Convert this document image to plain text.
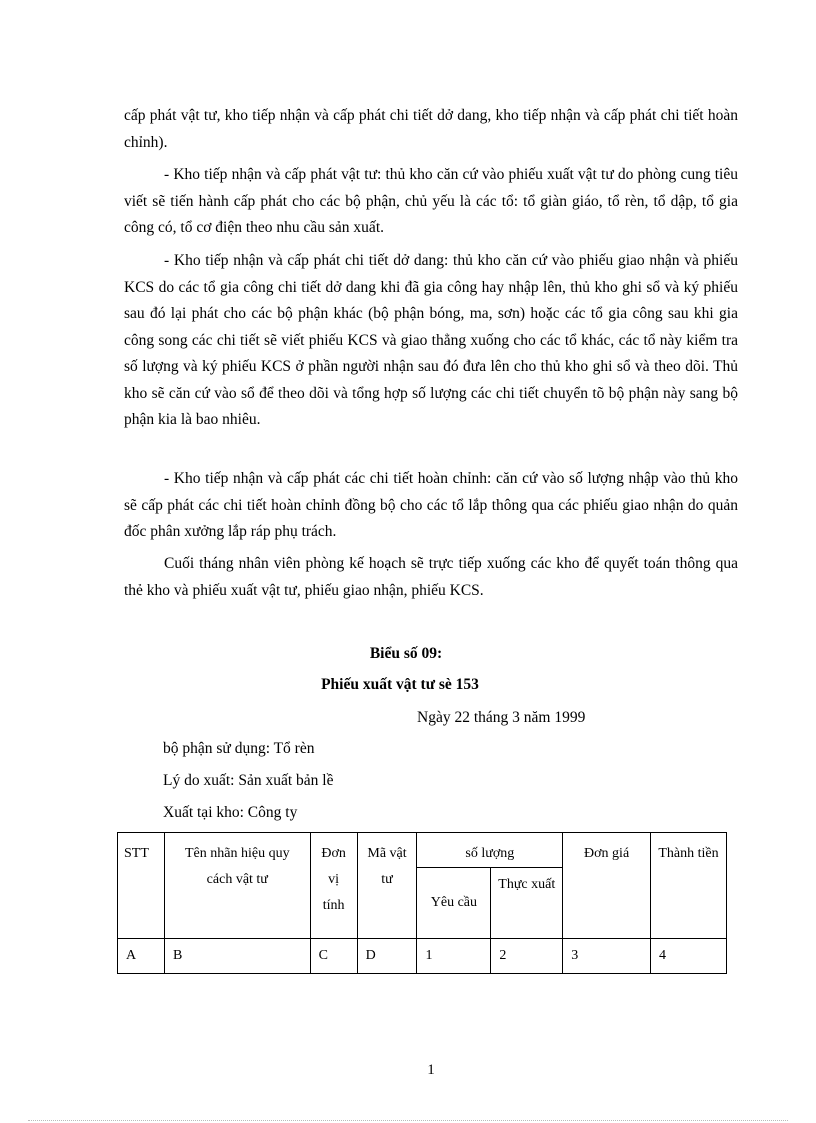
cấp phát vật tư, kho tiếp nhận và cấp phát chi tiết dở dang, kho tiếp nhận và cấp phát chi tiết hoàn chỉnh).

- Kho tiếp nhận và cấp phát vật tư: thủ kho căn cứ vào phiếu xuất vật tư do phòng cung tiêu viết sẽ tiến hành cấp phát cho các bộ phận, chủ yếu là các tổ: tổ giàn giáo, tổ rèn, tổ dập, tổ gia công có, tổ cơ điện theo nhu cầu sản xuất.

- Kho tiếp nhận và cấp phát chi tiết dở dang: thủ kho căn cứ vào phiếu giao nhận và phiếu KCS do các tổ gia công chi tiết dở dang khi đã gia công hay nhập lên, thủ kho ghi sổ và ký phiếu sau đó lại phát cho các bộ phận khác (bộ phận bóng, ma, sơn) hoặc các tổ gia công sau khi gia công song các chi tiết sẽ viết phiếu KCS và giao thẳng xuống cho các tổ khác, các tổ này kiểm tra số lượng và ký phiếu KCS ở phần người nhận sau đó đưa lên cho thủ kho ghi sổ và theo dõi. Thủ kho sẽ căn cứ vào sổ để theo dõi và tổng hợp số lượng các chi tiết chuyển tõ bộ phận này sang bộ phận kia là bao nhiêu.

- Kho tiếp nhận và cấp phát các chi tiết hoàn chỉnh: căn cứ vào số lượng nhập vào thủ kho sẽ cấp phát các chi tiết hoàn chỉnh đồng bộ cho các tổ lắp thông qua các phiếu giao nhận do quản đốc phân xưởng lắp ráp phụ trách.

Cuối tháng nhân viên phòng kế hoạch sẽ trực tiếp xuống các kho để quyết toán thông qua thẻ kho và phiếu xuất vật tư, phiếu giao nhận, phiếu KCS.

Biểu số 09:
Phiếu xuất vật tư sè 153
Ngày 22 tháng 3 năm 1999
bộ phận sử dụng: Tổ rèn
Lý do xuất: Sản xuất bản lề
Xuất tại kho: Công ty
STT	Tên nhãn hiệu quy cách vật tư	Đơn vị tính	Mã vật tư	số lượng		Đơn giá	Thành tiền
				Yêu cầu	Thực xuất		
A	B	C	D	1	2	3	4
1
